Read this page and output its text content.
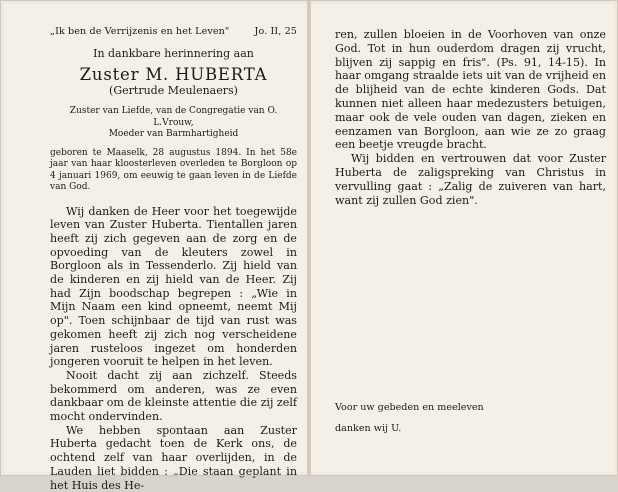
„Ik ben de Verrijzenis en het Leven"	Jo. II, 25
In dankbare herinnering aan
Zuster M. HUBERTA
(Gertrude Meulenaers)
Zuster van Liefde, van de Congregatie van O. L.Vrouw,
Moeder van Barmhartigheid
geboren te Maaselk, 28 augustus 1894. In het 58e jaar van haar kloosterleven overleden te Borgloon op 4 januari 1969, om eeuwig te gaan leven in de Liefde van God.

Wij danken de Heer voor het toegewijde leven van Zuster Huberta. Tientallen jaren heeft zij zich gegeven aan de zorg en de opvoeding van de kleuters zowel in Borgloon als in Tessenderlo. Zij hield van de kinderen en zij hield van de Heer. Zij had Zijn boodschap begrepen : „Wie in Mijn Naam een kind opneemt, neemt Mij op". Toen schijnbaar de tijd van rust was gekomen heeft zij zich nog verscheidene jaren rusteloos ingezet om honderden jongeren vooruit te helpen in het leven.

Nooit dacht zij aan zichzelf. Steeds bekommerd om anderen, was ze even dankbaar om de kleinste attentie die zij zelf mocht ondervinden.

We hebben spontaan aan Zuster Huberta gedacht toen de Kerk ons, de ochtend zelf van haar overlijden, in de Lauden liet bidden : „Die staan geplant in het Huis des He-

ren, zullen bloeien in de Voorhoven van onze God. Tot in hun ouderdom dragen zij vrucht, blijven zij sappig en fris". (Ps. 91, 14-15). In haar omgang straalde iets uit van de vrijheid en de blijheid van de echte kinderen Gods. Dat kunnen niet alleen haar medezusters betuigen, maar ook de vele ouden van dagen, zieken en eenzamen van Borgloon, aan wie ze zo graag een beetje vreugde bracht.

Wij bidden en vertrouwen dat voor Zuster Huberta de zaligspreking van Christus in vervulling gaat : „Zalig de zuiveren van hart, want zij zullen God zien".

Voor uw gebeden en meeleven
danken wij U.
